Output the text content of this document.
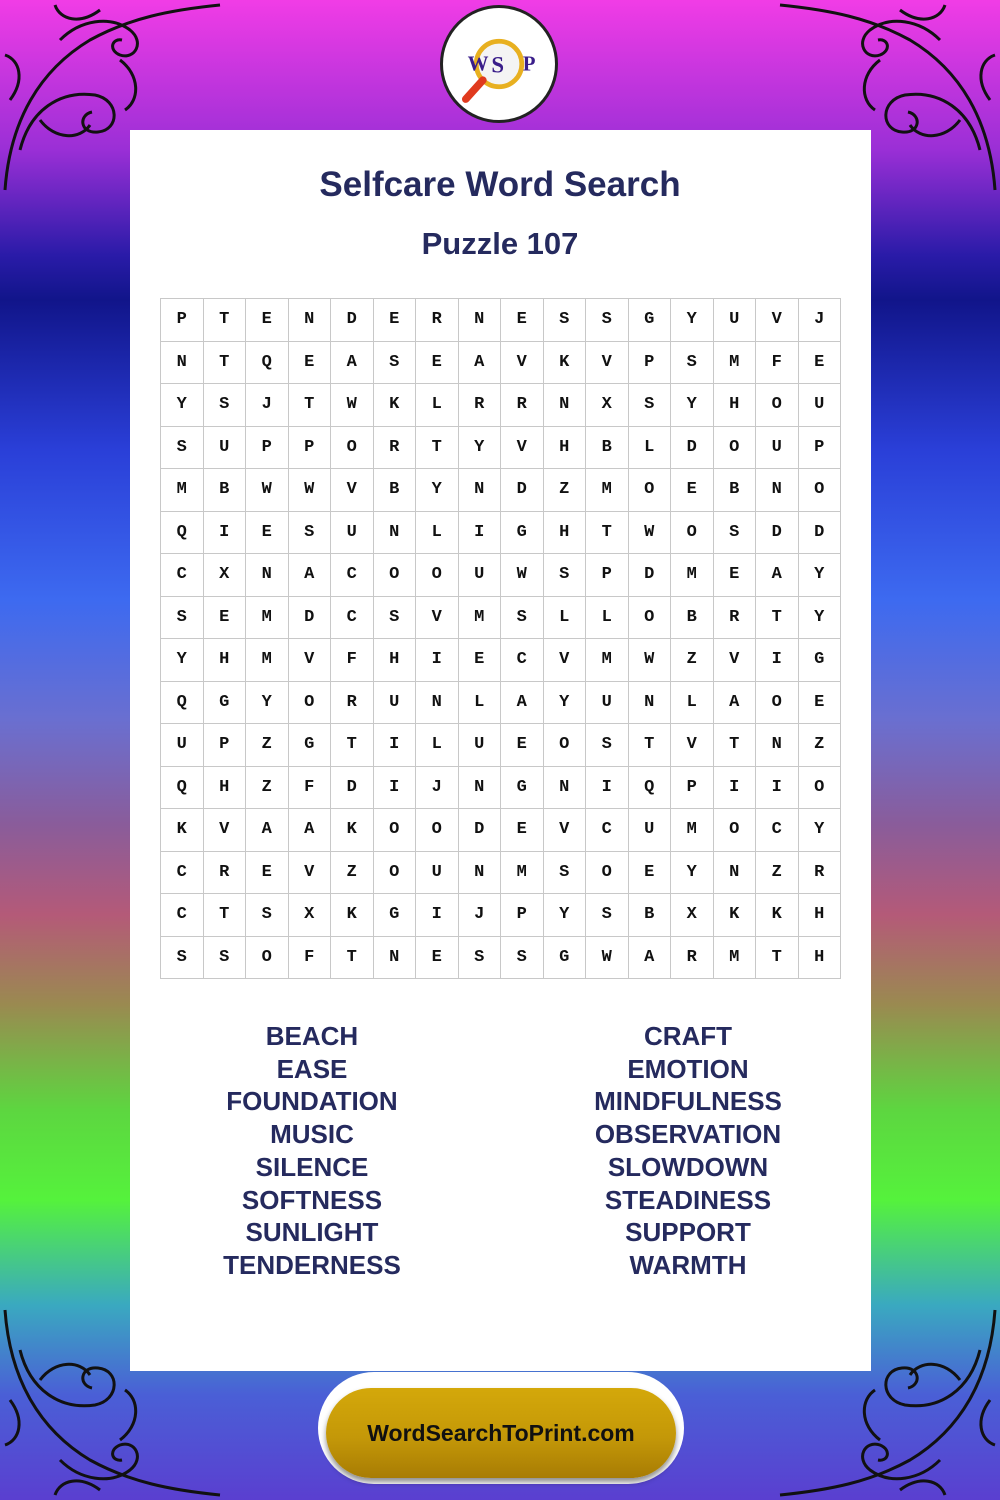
W S P
Selfcare Word Search
Puzzle 107
P	T	E	N	D	E	R	N	E	S	S	G	Y	U	V	J
N	T	Q	E	A	S	E	A	V	K	V	P	S	M	F	E
Y	S	J	T	W	K	L	R	R	N	X	S	Y	H	O	U
S	U	P	P	O	R	T	Y	V	H	B	L	D	O	U	P
M	B	W	W	V	B	Y	N	D	Z	M	O	E	B	N	O
Q	I	E	S	U	N	L	I	G	H	T	W	O	S	D	D
C	X	N	A	C	O	O	U	W	S	P	D	M	E	A	Y
S	E	M	D	C	S	V	M	S	L	L	O	B	R	T	Y
Y	H	M	V	F	H	I	E	C	V	M	W	Z	V	I	G
Q	G	Y	O	R	U	N	L	A	Y	U	N	L	A	O	E
U	P	Z	G	T	I	L	U	E	O	S	T	V	T	N	Z
Q	H	Z	F	D	I	J	N	G	N	I	Q	P	I	I	O
K	V	A	A	K	O	O	D	E	V	C	U	M	O	C	Y
C	R	E	V	Z	O	U	N	M	S	O	E	Y	N	Z	R
C	T	S	X	K	G	I	J	P	Y	S	B	X	K	K	H
S	S	O	F	T	N	E	S	S	G	W	A	R	M	T	H
BEACH
EASE
FOUNDATION
MUSIC
SILENCE
SOFTNESS
SUNLIGHT
TENDERNESS
CRAFT
EMOTION
MINDFULNESS
OBSERVATION
SLOWDOWN
STEADINESS
SUPPORT
WARMTH
WordSearchToPrint.com
